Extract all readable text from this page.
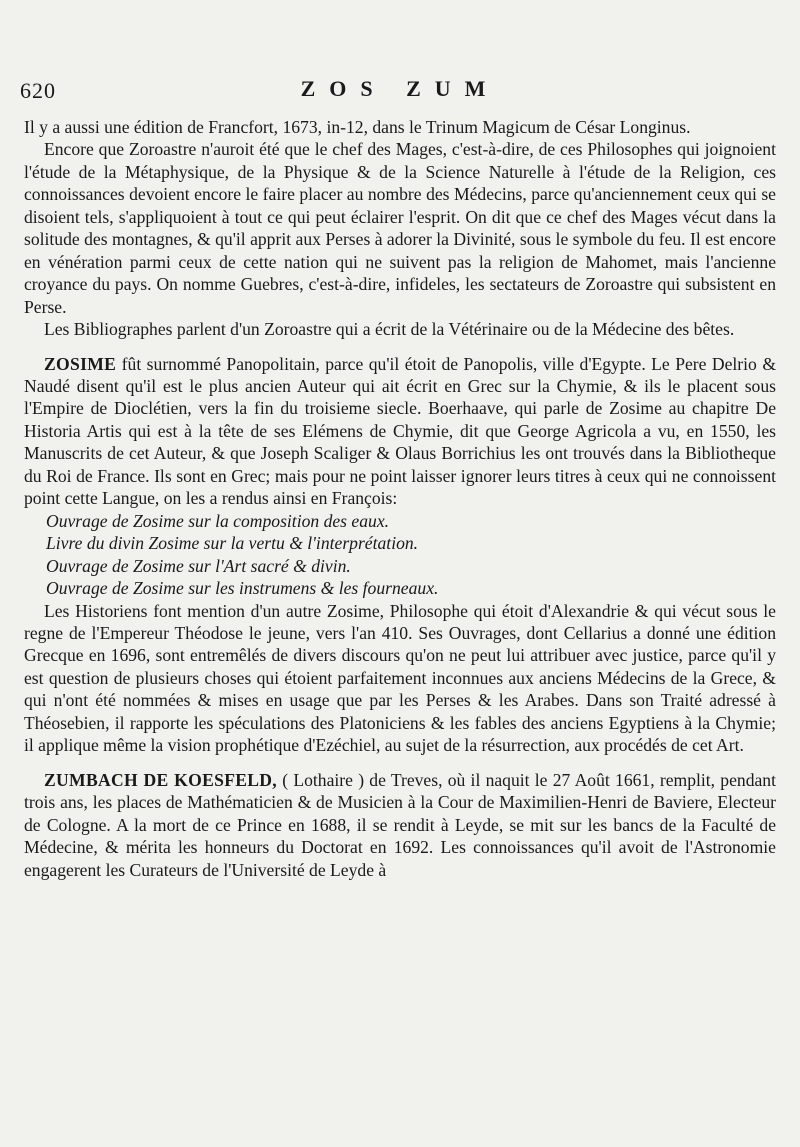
620	ZOS ZUM

Il y a aussi une édition de Francfort, 1673, in-12, dans le Trinum Magicum de César Longinus.

Encore que Zoroastre n'auroit été que le chef des Mages, c'est-à-dire, de ces Philosophes qui joignoient l'étude de la Métaphysique, de la Physique & de la Science Naturelle à l'étude de la Religion, ces connoissances devoient encore le faire placer au nombre des Médecins, parce qu'anciennement ceux qui se disoient tels, s'appliquoient à tout ce qui peut éclairer l'esprit. On dit que ce chef des Mages vécut dans la solitude des montagnes, & qu'il apprit aux Perses à adorer la Divinité, sous le symbole du feu. Il est encore en vénération parmi ceux de cette nation qui ne suivent pas la religion de Mahomet, mais l'ancienne croyance du pays. On nomme Guebres, c'est-à-dire, infideles, les sectateurs de Zoroastre qui subsistent en Perse.

Les Bibliographes parlent d'un Zoroastre qui a écrit de la Vétérinaire ou de la Médecine des bêtes.

ZOSIME fût surnommé Panopolitain, parce qu'il étoit de Panopolis, ville d'Egypte. Le Pere Delrio & Naudé disent qu'il est le plus ancien Auteur qui ait écrit en Grec sur la Chymie, & ils le placent sous l'Empire de Dioclétien, vers la fin du troisieme siecle. Boerhaave, qui parle de Zosime au chapitre De Historia Artis qui est à la tête de ses Elémens de Chymie, dit que George Agricola a vu, en 1550, les Manuscrits de cet Auteur, & que Joseph Scaliger & Olaus Borrichius les ont trouvés dans la Bibliotheque du Roi de France. Ils sont en Grec; mais pour ne point laisser ignorer leurs titres à ceux qui ne connoissent point cette Langue, on les a rendus ainsi en François:

Ouvrage de Zosime sur la composition des eaux.

Livre du divin Zosime sur la vertu & l'interprétation.

Ouvrage de Zosime sur l'Art sacré & divin.

Ouvrage de Zosime sur les instrumens & les fourneaux.

Les Historiens font mention d'un autre Zosime, Philosophe qui étoit d'Alexandrie & qui vécut sous le regne de l'Empereur Théodose le jeune, vers l'an 410. Ses Ouvrages, dont Cellarius a donné une édition Grecque en 1696, sont entremêlés de divers discours qu'on ne peut lui attribuer avec justice, parce qu'il y est question de plusieurs choses qui étoient parfaitement inconnues aux anciens Médecins de la Grece, & qui n'ont été nommées & mises en usage que par les Perses & les Arabes. Dans son Traité adressé à Théosebien, il rapporte les spéculations des Platoniciens & les fables des anciens Egyptiens à la Chymie; il applique même la vision prophétique d'Ezéchiel, au sujet de la résurrection, aux procédés de cet Art.

ZUMBACH DE KOESFELD, ( Lothaire ) de Treves, où il naquit le 27 Août 1661, remplit, pendant trois ans, les places de Mathématicien & de Musicien à la Cour de Maximilien-Henri de Baviere, Electeur de Cologne. A la mort de ce Prince en 1688, il se rendit à Leyde, se mit sur les bancs de la Faculté de Médecine, & mérita les honneurs du Doctorat en 1692. Les connoissances qu'il avoit de l'Astronomie engagerent les Curateurs de l'Université de Leyde à
